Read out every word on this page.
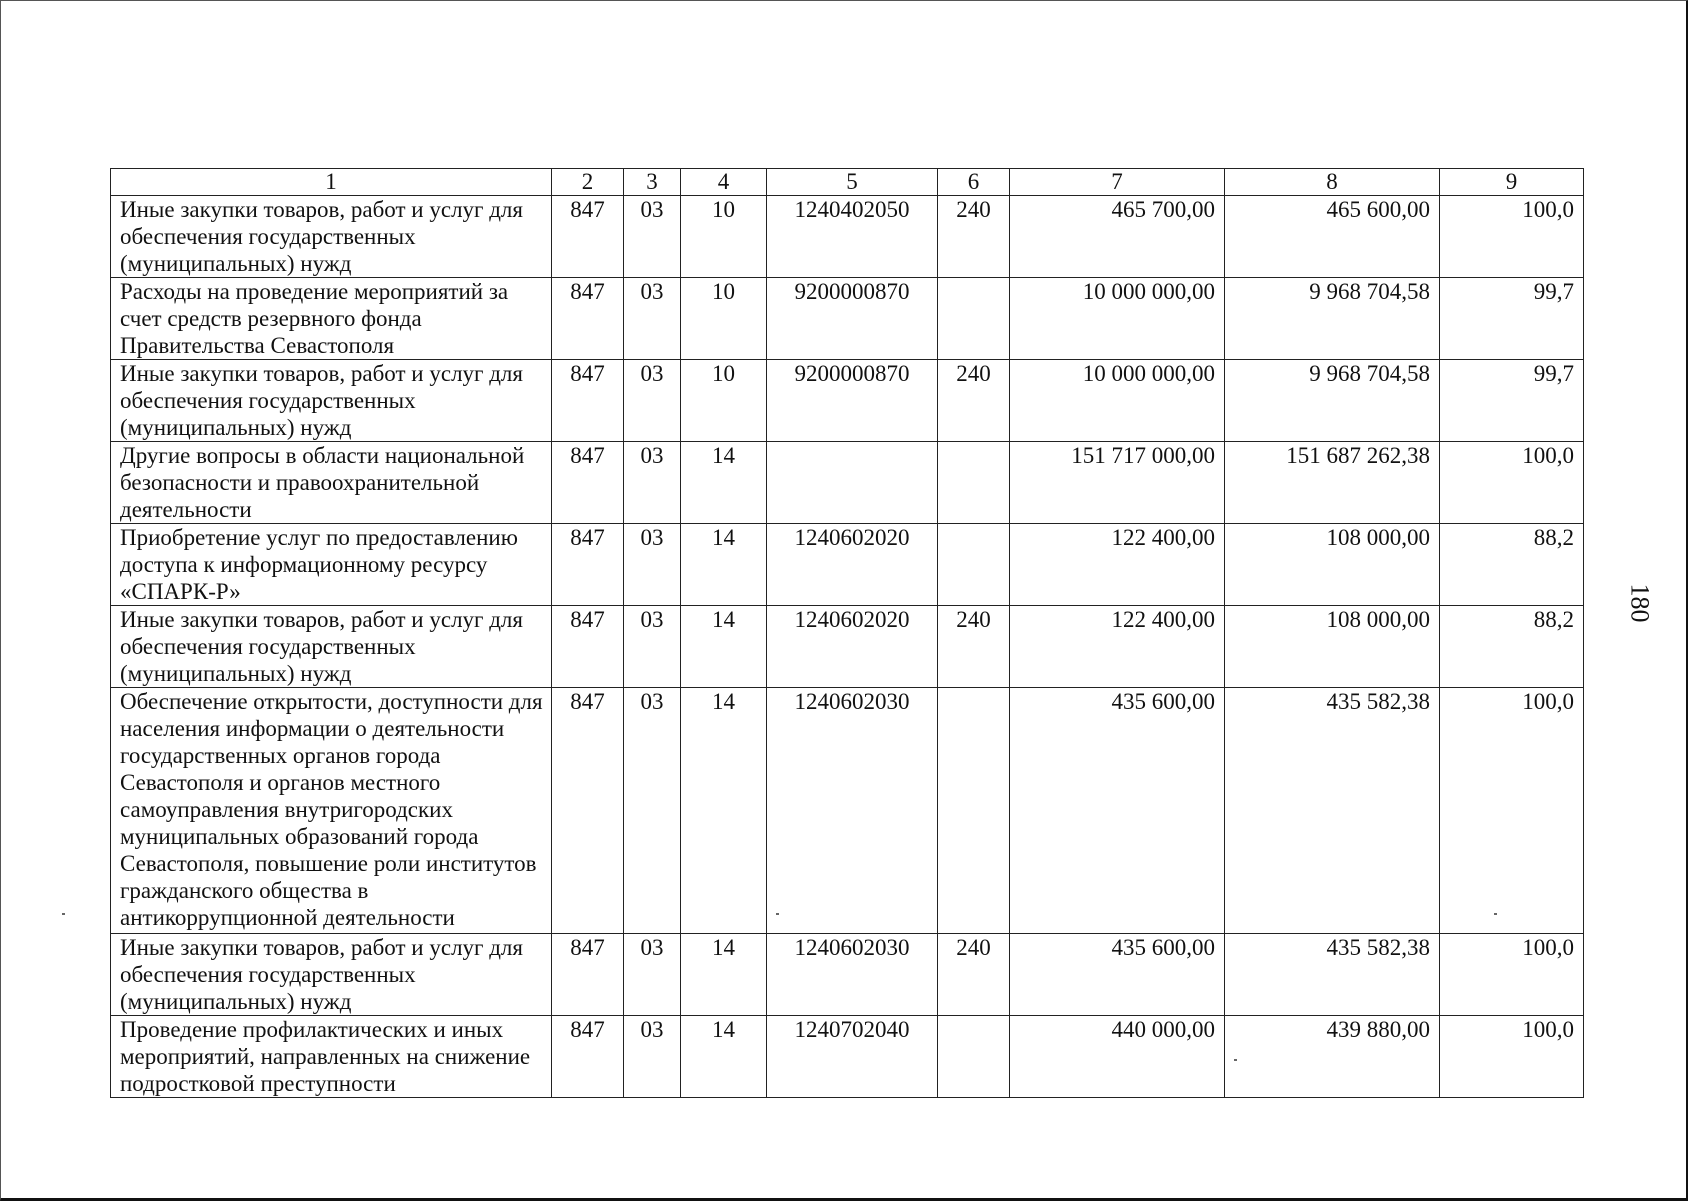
1	2	3	4	5	6	7	8	9
Иные закупки товаров, работ и услуг для обеспечения государственных (муниципальных) нужд	847	03	10	1240402050	240	465 700,00	465 600,00	100,0
Расходы на проведение мероприятий за счет средств резервного фонда Правительства Севастополя	847	03	10	9200000870		10 000 000,00	9 968 704,58	99,7
Иные закупки товаров, работ и услуг для обеспечения государственных (муниципальных) нужд	847	03	10	9200000870	240	10 000 000,00	9 968 704,58	99,7
Другие вопросы в области национальной безопасности и правоохранительной деятельности	847	03	14			151 717 000,00	151 687 262,38	100,0
Приобретение услуг по предоставлению доступа к информационному ресурсу «СПАРК-Р»	847	03	14	1240602020		122 400,00	108 000,00	88,2
Иные закупки товаров, работ и услуг для обеспечения государственных (муниципальных) нужд	847	03	14	1240602020	240	122 400,00	108 000,00	88,2
Обеспечение открытости, доступности для населения информации о деятельности государственных органов города Севастополя и органов местного самоуправления внутригородских муниципальных образований города Севастополя, повышение роли институтов гражданского общества в антикоррупционной деятельности	847	03	14	1240602030		435 600,00	435 582,38	100,0
Иные закупки товаров, работ и услуг для обеспечения государственных (муниципальных) нужд	847	03	14	1240602030	240	435 600,00	435 582,38	100,0
Проведение профилактических и иных мероприятий, направленных на снижение подростковой преступности	847	03	14	1240702040		440 000,00	439 880,00	100,0
180
